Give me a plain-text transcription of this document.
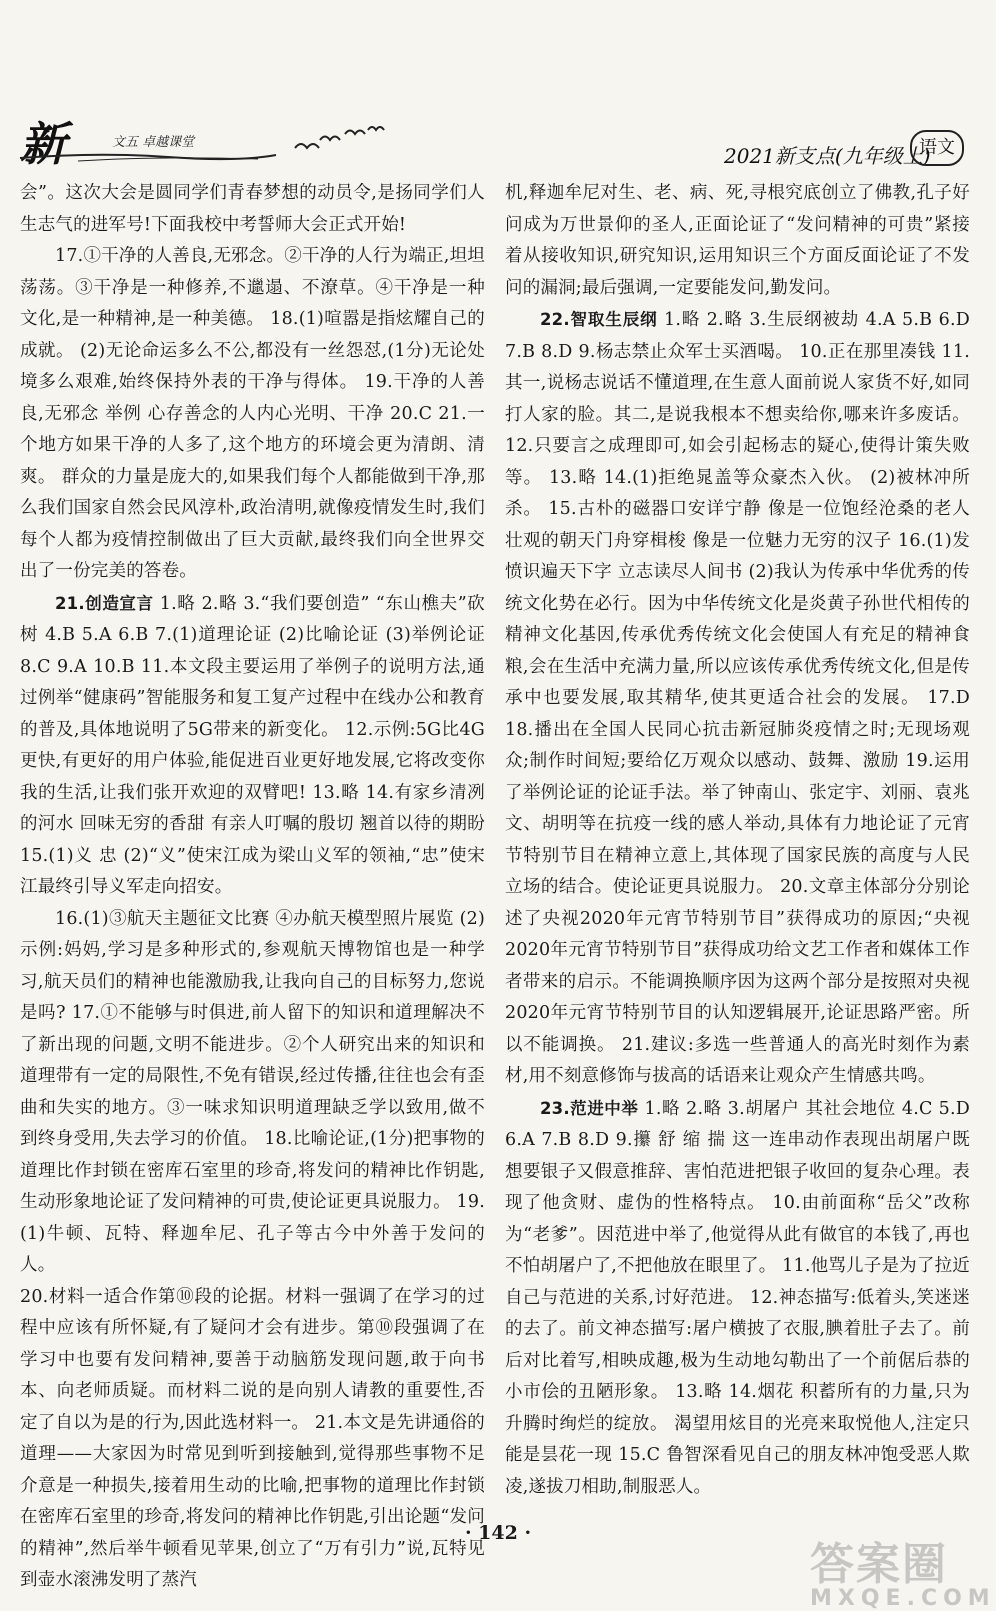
新	文五 卓越课堂
2021新支点(九年级上)
语文

会”。这次大会是圆同学们青春梦想的动员令,是扬同学们人生志气的进军号!下面我校中考誓师大会正式开始!

17.①干净的人善良,无邪念。②干净的人行为端正,坦坦荡荡。③干净是一种修养,不邋遢、不潦草。④干净是一种文化,是一种精神,是一种美德。 18.(1)喧嚣是指炫耀自己的成就。 (2)无论命运多么不公,都没有一丝怨怼,(1分)无论处境多么艰难,始终保持外表的干净与得体。 19.干净的人善良,无邪念 举例 心存善念的人内心光明、干净 20.C 21.一个地方如果干净的人多了,这个地方的环境会更为清朗、清爽。 群众的力量是庞大的,如果我们每个人都能做到干净,那么我们国家自然会民风淳朴,政治清明,就像疫情发生时,我们每个人都为疫情控制做出了巨大贡献,最终我们向全世界交出了一份完美的答卷。

21.创造宣言 1.略 2.略 3.“我们要创造” “东山樵夫”砍树 4.B 5.A 6.B 7.(1)道理论证 (2)比喻论证 (3)举例论证 8.C 9.A 10.B 11.本文段主要运用了举例子的说明方法,通过例举“健康码”智能服务和复工复产过程中在线办公和教育的普及,具体地说明了5G带来的新变化。 12.示例:5G比4G更快,有更好的用户体验,能促进百业更好地发展,它将改变你我的生活,让我们张开欢迎的双臂吧! 13.略 14.有家乡清冽的河水 回味无穷的香甜 有亲人叮嘱的殷切 翘首以待的期盼 15.(1)义 忠 (2)“义”使宋江成为梁山义军的领袖,“忠”使宋江最终引导义军走向招安。

16.(1)③航天主题征文比赛 ④办航天模型照片展览 (2)示例:妈妈,学习是多种形式的,参观航天博物馆也是一种学习,航天员们的精神也能激励我,让我向自己的目标努力,您说是吗? 17.①不能够与时俱进,前人留下的知识和道理解决不了新出现的问题,文明不能进步。②个人研究出来的知识和道理带有一定的局限性,不免有错误,经过传播,往往也会有歪曲和失实的地方。③一味求知识明道理缺乏学以致用,做不到终身受用,失去学习的价值。 18.比喻论证,(1分)把事物的道理比作封锁在密库石室里的珍奇,将发问的精神比作钥匙,生动形象地论证了发问精神的可贵,使论证更具说服力。 19.(1)牛顿、瓦特、释迦牟尼、孔子等古今中外善于发问的人。

20.材料一适合作第⑩段的论据。材料一强调了在学习的过程中应该有所怀疑,有了疑问才会有进步。第⑩段强调了在学习中也要有发问精神,要善于动脑筋发现问题,敢于向书本、向老师质疑。而材料二说的是向别人请教的重要性,否定了自以为是的行为,因此选材料一。 21.本文是先讲通俗的道理——大家因为时常见到听到接触到,觉得那些事物不足介意是一种损失,接着用生动的比喻,把事物的道理比作封锁在密库石室里的珍奇,将发问的精神比作钥匙,引出论题“发问的精神”,然后举牛顿看见苹果,创立了“万有引力”说,瓦特见到壶水滚沸发明了蒸汽

机,释迦牟尼对生、老、病、死,寻根究底创立了佛教,孔子好问成为万世景仰的圣人,正面论证了“发问精神的可贵”紧接着从接收知识,研究知识,运用知识三个方面反面论证了不发问的漏洞;最后强调,一定要能发问,勤发问。

22.智取生辰纲 1.略 2.略 3.生辰纲被劫 4.A 5.B 6.D 7.B 8.D 9.杨志禁止众军士买酒喝。 10.正在那里凑钱 11.其一,说杨志说话不懂道理,在生意人面前说人家货不好,如同打人家的脸。其二,是说我根本不想卖给你,哪来许多废话。 12.只要言之成理即可,如会引起杨志的疑心,使得计策失败等。 13.略 14.(1)拒绝晁盖等众豪杰入伙。 (2)被林冲所杀。 15.古朴的磁器口安详宁静 像是一位饱经沧桑的老人 壮观的朝天门舟穿楫梭 像是一位魅力无穷的汉子 16.(1)发愤识遍天下字 立志读尽人间书 (2)我认为传承中华优秀的传统文化势在必行。因为中华传统文化是炎黄子孙世代相传的精神文化基因,传承优秀传统文化会使国人有充足的精神食粮,会在生活中充满力量,所以应该传承优秀传统文化,但是传承中也要发展,取其精华,使其更适合社会的发展。 17.D 18.播出在全国人民同心抗击新冠肺炎疫情之时;无现场观众;制作时间短;要给亿万观众以感动、鼓舞、激励 19.运用了举例论证的论证手法。举了钟南山、张定宇、刘丽、袁兆文、胡明等在抗疫一线的感人举动,具体有力地论证了元宵节特别节目在精神立意上,其体现了国家民族的高度与人民立场的结合。使论证更具说服力。 20.文章主体部分分别论述了央视2020年元宵节特别节目”获得成功的原因;“央视2020年元宵节特别节目”获得成功给文艺工作者和媒体工作者带来的启示。不能调换顺序因为这两个部分是按照对央视2020年元宵节特别节目的认知逻辑展开,论证思路严密。所以不能调换。 21.建议:多选一些普通人的高光时刻作为素材,用不刻意修饰与拔高的话语来让观众产生情感共鸣。

23.范进中举 1.略 2.略 3.胡屠户 其社会地位 4.C 5.D 6.A 7.B 8.D 9.攥 舒 缩 揣 这一连串动作表现出胡屠户既想要银子又假意推辞、害怕范进把银子收回的复杂心理。表现了他贪财、虚伪的性格特点。 10.由前面称“岳父”改称为“老爹”。因范进中举了,他觉得从此有做官的本钱了,再也不怕胡屠户了,不把他放在眼里了。 11.他骂儿子是为了拉近自己与范进的关系,讨好范进。 12.神态描写:低着头,笑迷迷的去了。前文神态描写:屠户横披了衣服,腆着肚子去了。前后对比着写,相映成趣,极为生动地勾勒出了一个前倨后恭的小市侩的丑陋形象。 13.略 14.烟花 积蓄所有的力量,只为升腾时绚烂的绽放。 渴望用炫目的光亮来取悦他人,注定只能是昙花一现 15.C 鲁智深看见自己的朋友林冲饱受恶人欺凌,遂拔刀相助,制服恶人。

· 142 ·
答案圈
MXQE.COM
